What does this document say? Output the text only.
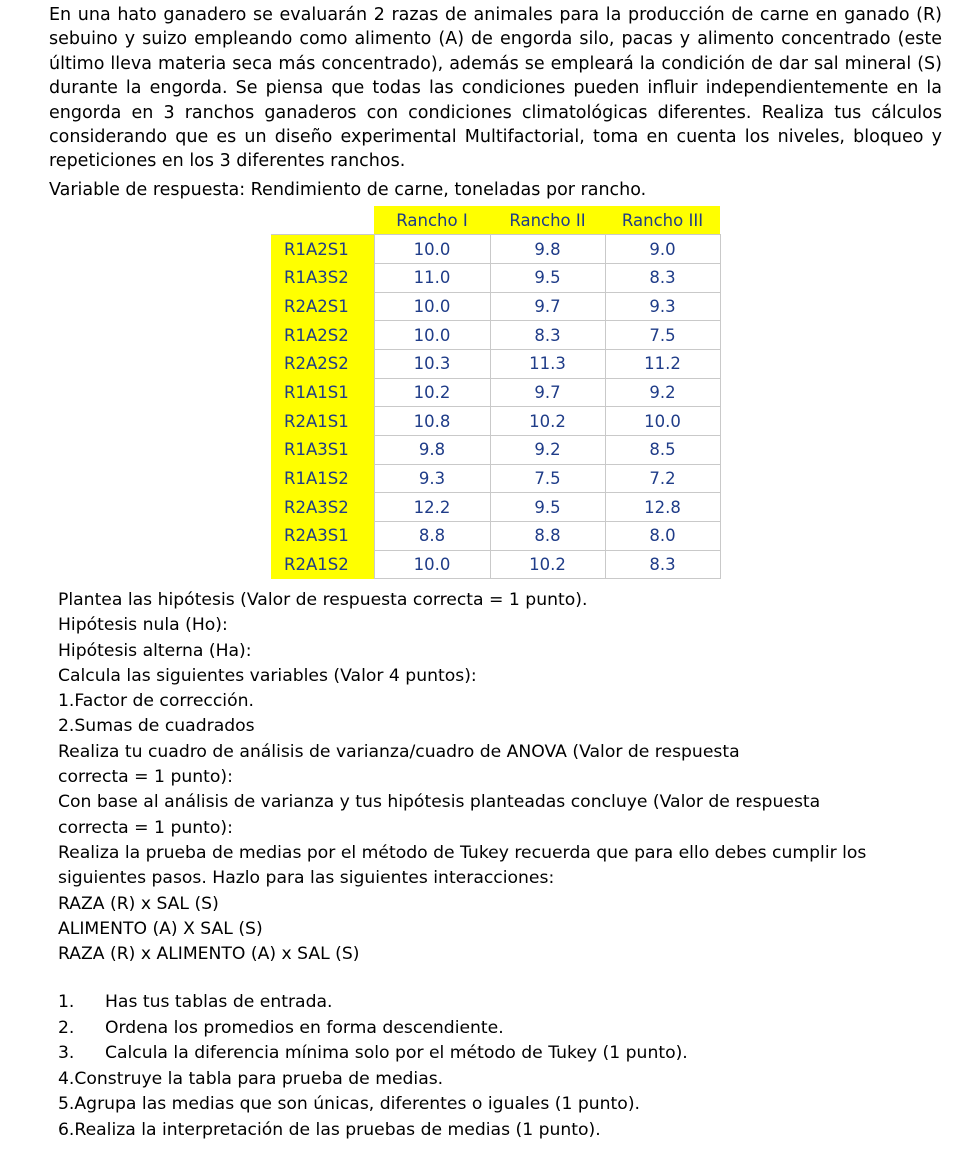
En una hato ganadero se evaluarán 2 razas de animales para la producción de carne en ganado (R) sebuino y suizo empleando como alimento (A) de engorda silo, pacas y alimento concentrado (este último lleva materia seca más concentrado), además se empleará la condición de dar sal mineral (S) durante la engorda. Se piensa que todas las condiciones pueden influir independientemente en la engorda en 3 ranchos ganaderos con condiciones climatológicas diferentes. Realiza tus cálculos considerando que es un diseño experimental Multifactorial, toma en cuenta los niveles, bloqueo y repeticiones en los 3 diferentes ranchos.

Variable de respuesta: Rendimiento de carne, toneladas por rancho.
	Rancho I	Rancho II	Rancho III
R1A2S1	10.0	9.8	9.0
R1A3S2	11.0	9.5	8.3
R2A2S1	10.0	9.7	9.3
R1A2S2	10.0	8.3	7.5
R2A2S2	10.3	11.3	11.2
R1A1S1	10.2	9.7	9.2
R2A1S1	10.8	10.2	10.0
R1A3S1	9.8	9.2	8.5
R1A1S2	9.3	7.5	7.2
R2A3S2	12.2	9.5	12.8
R2A3S1	8.8	8.8	8.0
R2A1S2	10.0	10.2	8.3
Plantea las hipótesis (Valor de respuesta correcta = 1 punto).
Hipótesis nula (Ho):
Hipótesis alterna (Ha):
Calcula las siguientes variables (Valor 4 puntos):
1.Factor de corrección.
2.Sumas de cuadrados
Realiza tu cuadro de análisis de varianza/cuadro de ANOVA (Valor de respuesta
correcta = 1 punto):
Con base al análisis de varianza y tus hipótesis planteadas concluye (Valor de respuesta
correcta = 1 punto):
Realiza la prueba de medias por el método de Tukey recuerda que para ello debes cumplir los
siguientes pasos. Hazlo para las siguientes interacciones:
RAZA (R) x SAL (S)
ALIMENTO (A) X SAL (S)
RAZA (R) x ALIMENTO (A) x SAL (S)
1. Has tus tablas de entrada.
2. Ordena los promedios en forma descendiente.
3. Calcula la diferencia mínima solo por el método de Tukey (1 punto).
4.Construye la tabla para prueba de medias.
5.Agrupa las medias que son únicas, diferentes o iguales (1 punto).
6.Realiza la interpretación de las pruebas de medias (1 punto).
